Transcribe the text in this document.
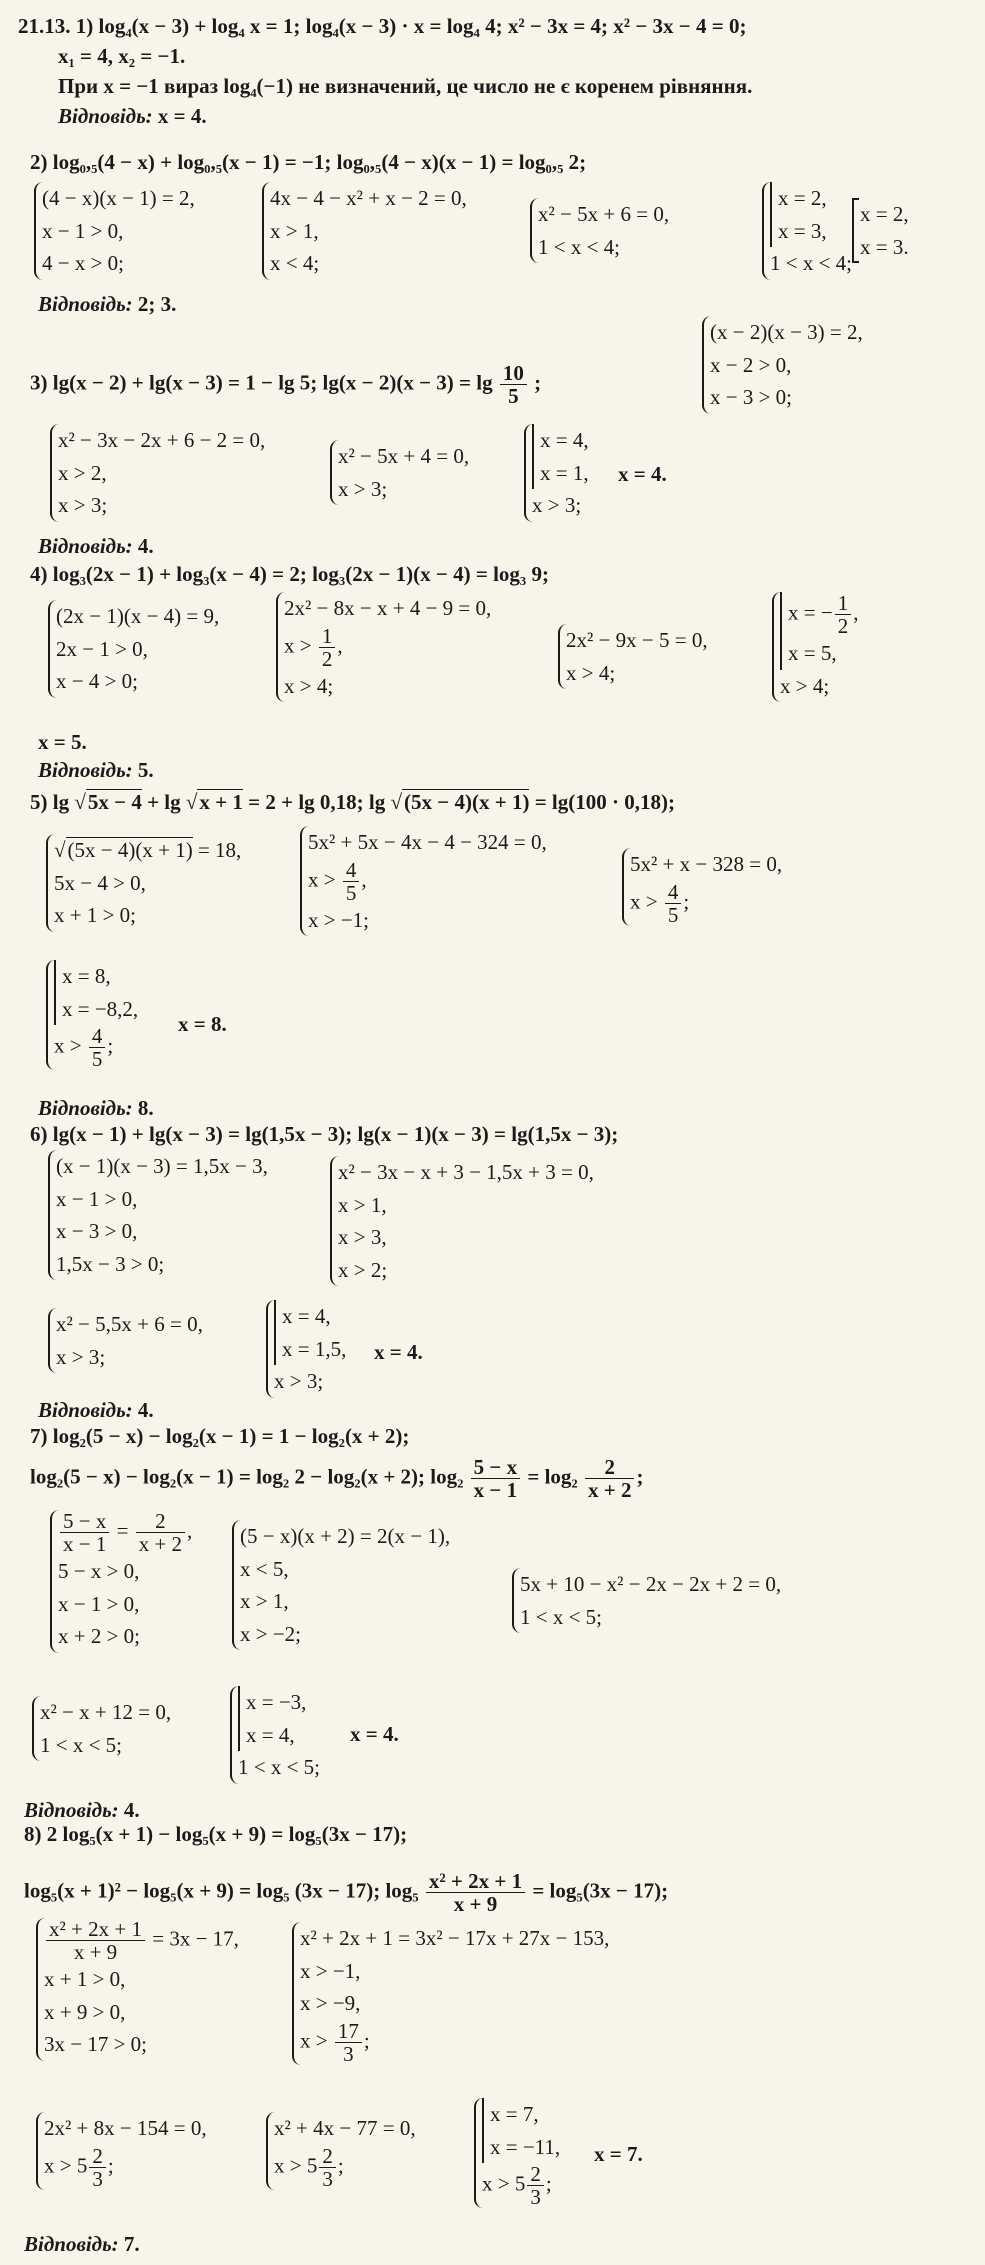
21.13. 1) log₄(x − 3) + log₄ x = 1; log₄(x − 3) · x = log₄ 4; x² − 3x = 4; x² − 3x − 4 = 0;
x₁ = 4, x₂ = −1.
При x = −1 вираз log₄(−1) не визначений, це число не є коренем рівняння.
Відповідь: x = 4.
2) log₀,₅(4 − x) + log₀,₅(x − 1) = −1; log₀,₅(4 − x)(x − 1) = log₀,₅ 2;
(4 − x)(x − 1) = 2,
x − 1 > 0,
4 − x > 0;
4x − 4 − x² + x − 2 = 0,
x > 1,
x < 4;
x² − 5x + 6 = 0,
1 < x < 4;
x = 2,
x = 3,
1 < x < 4;
x = 2,
x = 3.
Відповідь: 2; 3.
3) lg(x − 2) + lg(x − 3) = 1 − lg 5; $\lg(x - 2)(x - 3) = \lg \frac{10}{5}$ ;
(x − 2)(x − 3) = 2,
x − 2 > 0,
x − 3 > 0;
x² − 3x − 2x + 6 − 2 = 0,
x > 2,
x > 3;
x² − 5x + 4 = 0,
x > 3;
x = 4,
x = 1,
x > 3;
x = 4.
Відповідь: 4.
4) log₃(2x − 1) + log₃(x − 4) = 2; log₃(2x − 1)(x − 4) = log₃ 9;
(2x − 1)(x − 4) = 9,
2x − 1 > 0,
x − 4 > 0;
2x² − 8x − x + 4 − 9 = 0,
$x > \frac{1}{2}$ ,
x > 4;
2x² − 9x − 5 = 0,
x > 4;
x = − $\frac{1}{2}$ ,
x = 5,
x > 4;
x = 5.
Відповідь: 5.
5) lg √5x − 4 + lg √x + 1 = 2 + lg 0,18; lg √(5x − 4)(x + 1) = lg(100 · 0,18);
√(5x − 4)(x + 1) = 18,
5x − 4 > 0,
x + 1 > 0;
5x² + 5x − 4x − 4 − 324 = 0,
$x > \frac{4}{5}$ ,
x > −1;
5x² + x − 328 = 0,
$x > \frac{4}{5}$ ;
x = 8,
x = −8,2,
$x > \frac{4}{5}$ ;
x = 8.
Відповідь: 8.
6) lg(x − 1) + lg(x − 3) = lg(1,5x − 3); lg(x − 1)(x − 3) = lg(1,5x − 3);
(x − 1)(x − 3) = 1,5x − 3,
x − 1 > 0,
x − 3 > 0,
1,5x − 3 > 0;
x² − 3x − x + 3 − 1,5x + 3 = 0,
x > 1,
x > 3,
x > 2;
x² − 5,5x + 6 = 0,
x > 3;
x = 4,
x = 1,5,
x > 3;
x = 4.
Відповідь: 4.
7) log₂(5 − x) − log₂(x − 1) = 1 − log₂(x + 2);
log₂(5 − x) − log₂(x − 1) = log₂ 2 − log₂(x + 2); $\log_2 \frac{5 - x}{x - 1} = \log_2 \frac{2}{x + 2}$ ;
$\frac{5 - x}{x - 1} = \frac{2}{x + 2}$ ,
5 − x > 0,
x − 1 > 0,
x + 2 > 0;
(5 − x)(x + 2) = 2(x − 1),
x < 5,
x > 1,
x > −2;
5x + 10 − x² − 2x − 2x + 2 = 0,
1 < x < 5;
x² − x + 12 = 0,
1 < x < 5;
x = −3,
x = 4,
1 < x < 5;
x = 4.
Відповідь: 4.
8) 2 log₅(x + 1) − log₅(x + 9) = log₅(3x − 17);
log₅(x + 1)² − log₅(x + 9) = log₅ (3x − 17); $\log_5 \frac{\text{x² + 2x + 1}}{x + 9} = \log_5(3x - 17)$;
$\frac{\text{x² + 2x + 1}}{x + 9} = 3x - 17$,
x + 1 > 0,
x + 9 > 0,
3x − 17 > 0;
x² + 2x + 1 = 3x² − 17x + 27x − 153,
x > −1,
x > −9,
$x > \frac{17}{3}$ ;
2x² + 8x − 154 = 0,
$x > 5 \frac{2}{3}$ ;
x² + 4x − 77 = 0,
$x > 5 \frac{2}{3}$ ;
x = 7,
x = −11,
$x > 5 \frac{2}{3}$ ;
x = 7.
Відповідь: 7.
